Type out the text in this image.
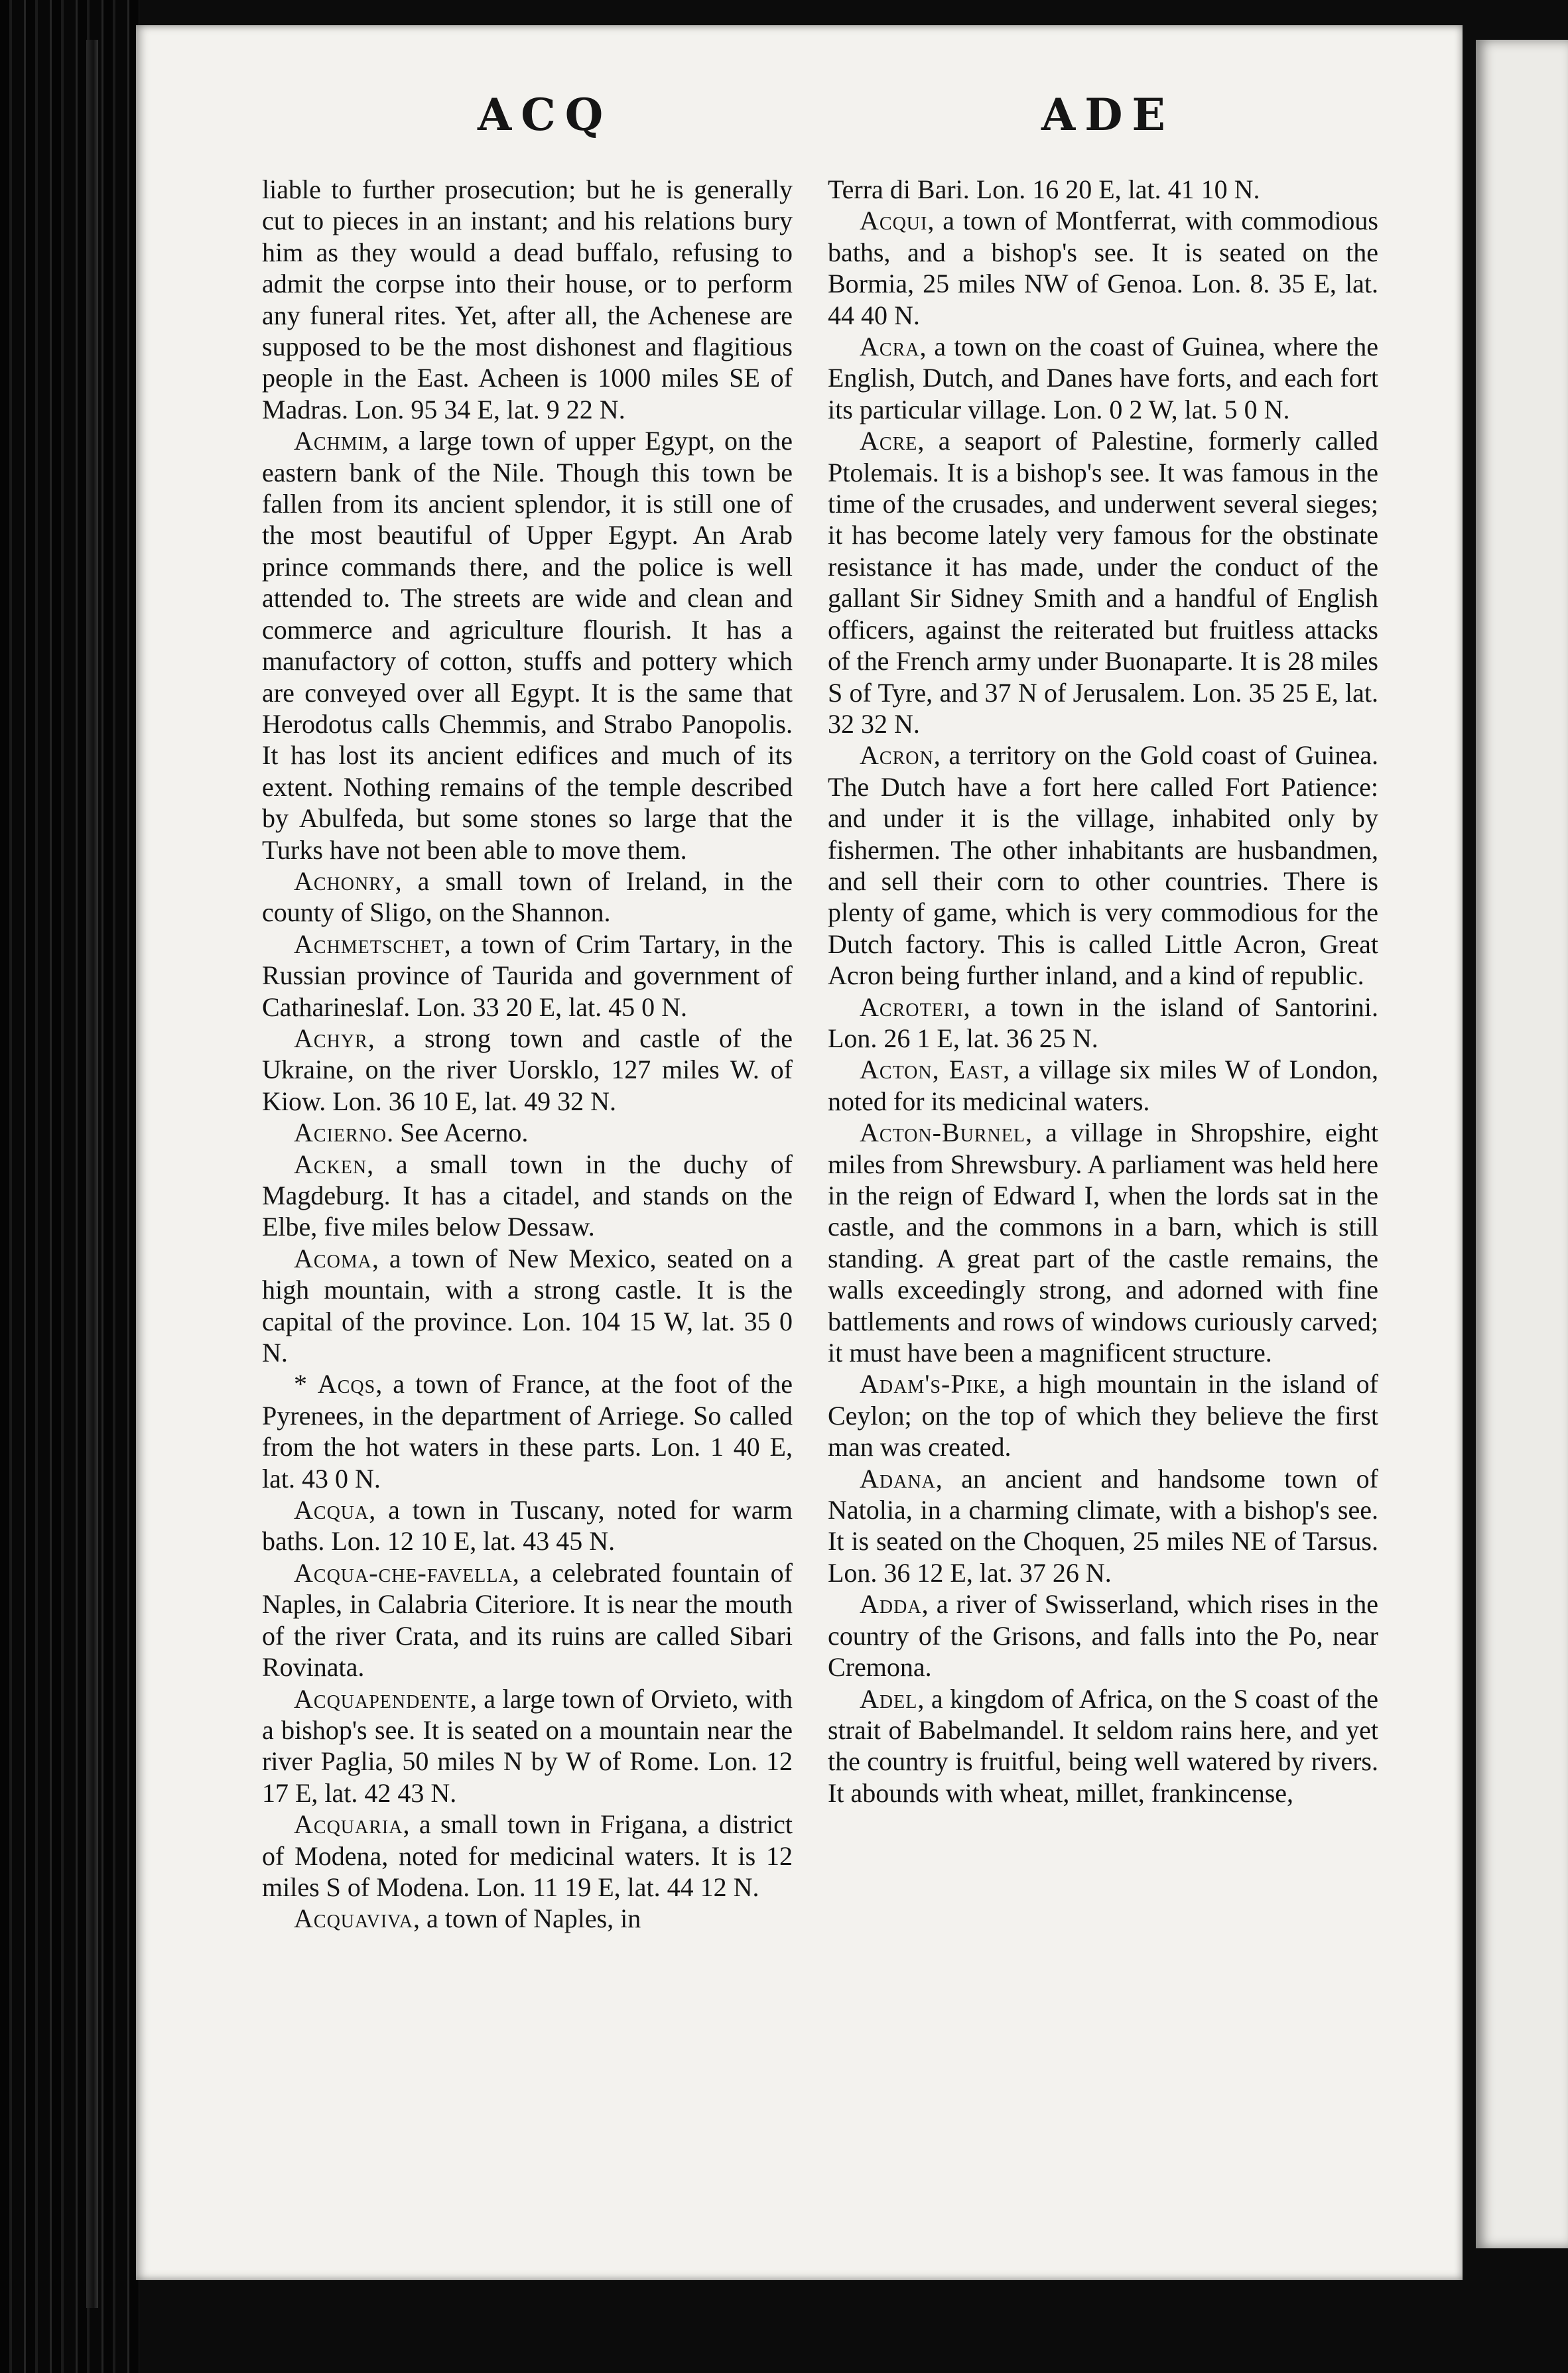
ACQ	ADE

liable to further prosecution; but he is generally cut to pieces in an instant; and his relations bury him as they would a dead buffalo, refusing to admit the corpse into their house, or to perform any funeral rites. Yet, after all, the Achenese are supposed to be the most dishonest and flagitious people in the East. Acheen is 1000 miles SE of Madras. Lon. 95 34 E, lat. 9 22 N.

Achmim, a large town of upper Egypt, on the eastern bank of the Nile. Though this town be fallen from its ancient splendor, it is still one of the most beautiful of Upper Egypt. An Arab prince commands there, and the police is well attended to. The streets are wide and clean and commerce and agriculture flourish. It has a manufactory of cotton, stuffs and pottery which are conveyed over all Egypt. It is the same that Herodotus calls Chemmis, and Strabo Panopolis. It has lost its ancient edifices and much of its extent. Nothing remains of the temple described by Abulfeda, but some stones so large that the Turks have not been able to move them.

Achonry, a small town of Ireland, in the county of Sligo, on the Shannon.

Achmetschet, a town of Crim Tartary, in the Russian province of Taurida and government of Catharineslaf. Lon. 33 20 E, lat. 45 0 N.

Achyr, a strong town and castle of the Ukraine, on the river Uorsklo, 127 miles W. of Kiow. Lon. 36 10 E, lat. 49 32 N.

Acierno. See Acerno.

Acken, a small town in the duchy of Magdeburg. It has a citadel, and stands on the Elbe, five miles below Dessaw.

Acoma, a town of New Mexico, seated on a high mountain, with a strong castle. It is the capital of the province. Lon. 104 15 W, lat. 35 0 N.

* Acqs, a town of France, at the foot of the Pyrenees, in the department of Arriege. So called from the hot waters in these parts. Lon. 1 40 E, lat. 43 0 N.

Acqua, a town in Tuscany, noted for warm baths. Lon. 12 10 E, lat. 43 45 N.

Acqua-che-favella, a celebrated fountain of Naples, in Calabria Citeriore. It is near the mouth of the river Crata, and its ruins are called Sibari Rovinata.

Acquapendente, a large town of Orvieto, with a bishop's see. It is seated on a mountain near the river Paglia, 50 miles N by W of Rome. Lon. 12 17 E, lat. 42 43 N.

Acquaria, a small town in Frigana, a district of Modena, noted for medicinal waters. It is 12 miles S of Modena. Lon. 11 19 E, lat. 44 12 N.

Acquaviva, a town of Naples, in

Terra di Bari. Lon. 16 20 E, lat. 41 10 N.

Acqui, a town of Montferrat, with commodious baths, and a bishop's see. It is seated on the Bormia, 25 miles NW of Genoa. Lon. 8. 35 E, lat. 44 40 N.

Acra, a town on the coast of Guinea, where the English, Dutch, and Danes have forts, and each fort its particular village. Lon. 0 2 W, lat. 5 0 N.

Acre, a seaport of Palestine, formerly called Ptolemais. It is a bishop's see. It was famous in the time of the crusades, and underwent several sieges; it has become lately very famous for the obstinate resistance it has made, under the conduct of the gallant Sir Sidney Smith and a handful of English officers, against the reiterated but fruitless attacks of the French army under Buonaparte. It is 28 miles S of Tyre, and 37 N of Jerusalem. Lon. 35 25 E, lat. 32 32 N.

Acron, a territory on the Gold coast of Guinea. The Dutch have a fort here called Fort Patience: and under it is the village, inhabited only by fishermen. The other inhabitants are husbandmen, and sell their corn to other countries. There is plenty of game, which is very commodious for the Dutch factory. This is called Little Acron, Great Acron being further inland, and a kind of republic.

Acroteri, a town in the island of Santorini. Lon. 26 1 E, lat. 36 25 N.

Acton, East, a village six miles W of London, noted for its medicinal waters.

Acton-Burnel, a village in Shropshire, eight miles from Shrewsbury. A parliament was held here in the reign of Edward I, when the lords sat in the castle, and the commons in a barn, which is still standing. A great part of the castle remains, the walls exceedingly strong, and adorned with fine battlements and rows of windows curiously carved; it must have been a magnificent structure.

Adam's-Pike, a high mountain in the island of Ceylon; on the top of which they believe the first man was created.

Adana, an ancient and handsome town of Natolia, in a charming climate, with a bishop's see. It is seated on the Choquen, 25 miles NE of Tarsus. Lon. 36 12 E, lat. 37 26 N.

Adda, a river of Swisserland, which rises in the country of the Grisons, and falls into the Po, near Cremona.

Adel, a kingdom of Africa, on the S coast of the strait of Babelmandel. It seldom rains here, and yet the country is fruitful, being well watered by rivers. It abounds with wheat, millet, frankincense,
